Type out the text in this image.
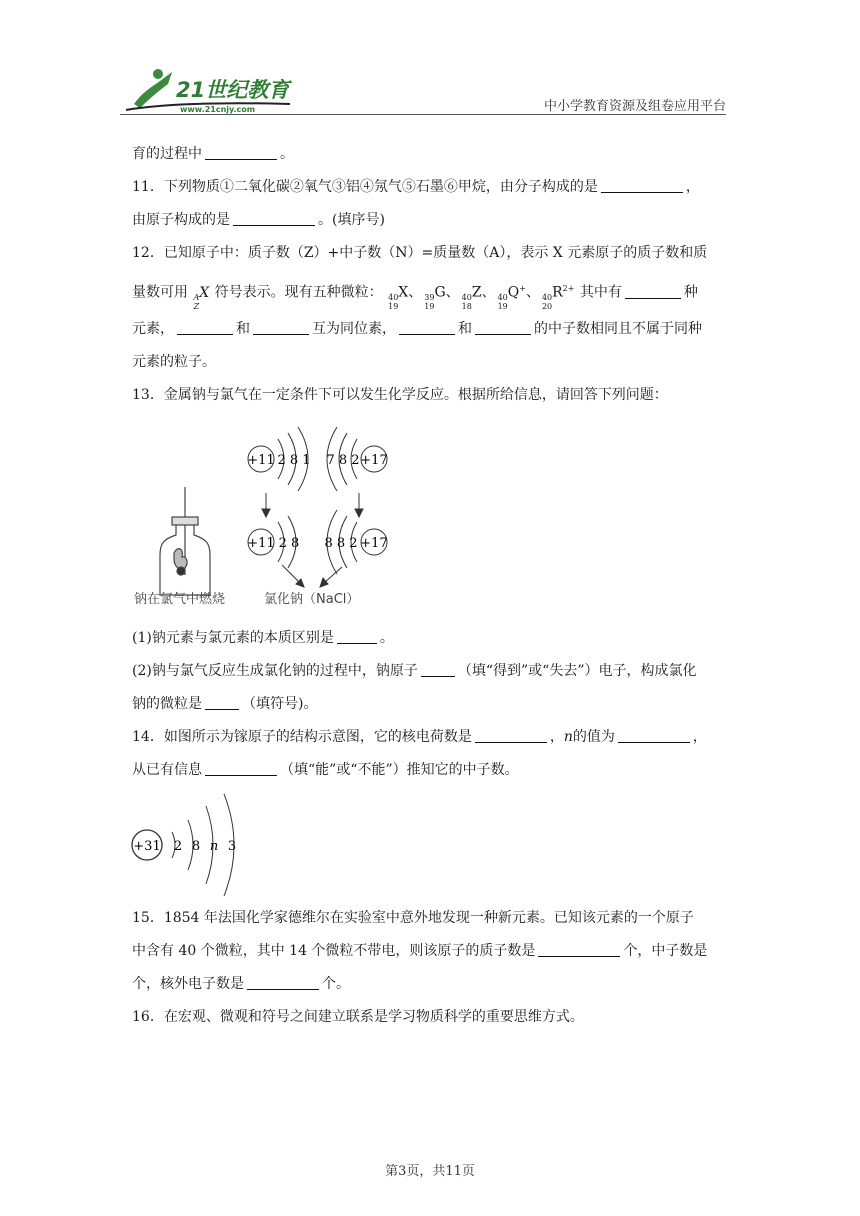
21世纪教育
www.21cnjy.com	中小学教育资源及组卷应用平台

育的过程中	。

11．下列物质①二氧化碳②氧气③铝④氖气⑤石墨⑥甲烷，由分子构成的是	，

由原子构成的是	。(填序号)

12．已知原子中：质子数（Z）+中子数（N）=质量数（A），表示 X 元素原子的质子数和质

量数可用 A
Z
X 符号表示。现有五种微粒： 40
19
X、 39
19
G、 40
18
Z、 40
19
Q+、 40
20
$R^{2+}$ 其中有	种

元素，	和	互为同位素，	和	的中子数相同且不属于同种

元素的粒子。

13．金属钠与氯气在一定条件下可以发生化学反应。根据所给信息，请回答下列问题：

钠在氯气中燃烧
+11 2 8 1	+17
7 8 2
+11 2 8	+17
8 8 2
氯化钠（NaCl）

(1)钠元素与氯元素的本质区别是	。

(2)钠与氯气反应生成氯化钠的过程中，钠原子	（填“得到”或“失去”）电子，构成氯化

钠的微粒是	（填符号)。

14．如图所示为镓原子的结构示意图，它的核电荷数是	，n的值为	，

从已有信息	（填“能”或“不能”）推知它的中子数。

+31 2 8 n 3

15．1854 年法国化学家德维尔在实验室中意外地发现一种新元素。已知该元素的一个原子

中含有 40 个微粒，其中 14 个微粒不带电，则该原子的质子数是	个，中子数是

个，核外电子数是	个。

16．在宏观、微观和符号之间建立联系是学习物质科学的重要思维方式。

第3页，共11页
